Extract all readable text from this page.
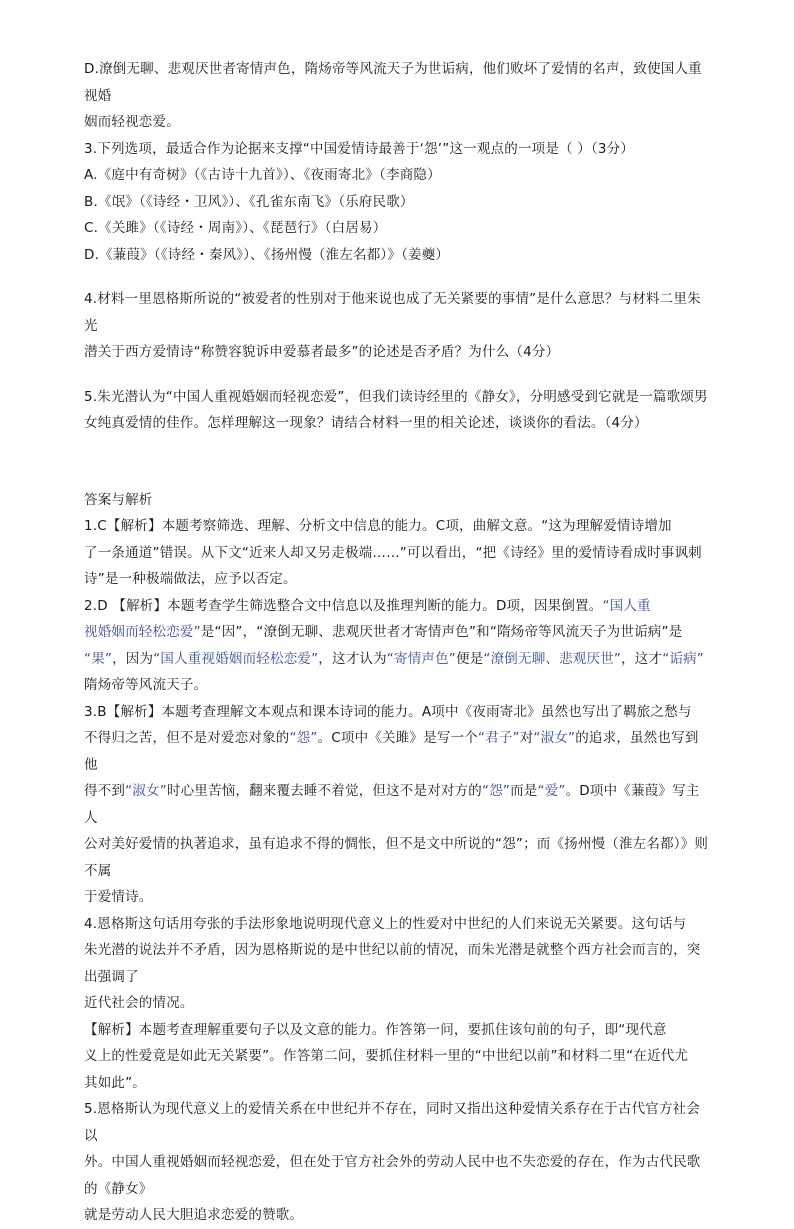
D.潦倒无聊、悲观厌世者寄情声色，隋炀帝等风流天子为世诟病，他们败坏了爱情的名声，致使国人重视婚

姻而轻视恋爱。

3.下列选项，最适合作为论据来支撑“中国爱情诗最善于‘怨’”这一观点的一项是（ ）（3分）

A.《庭中有奇树》（《古诗十九首》）、《夜雨寄北》（李商隐）

B.《氓》（《诗经・卫风》）、《孔雀东南飞》（乐府民歌）

C.《关雎》（《诗经・周南》）、《琵琶行》（白居易）

D.《蒹葭》（《诗经・秦风》）、《扬州慢（淮左名都）》（姜夔）

4.材料一里恩格斯所说的“被爱者的性别对于他来说也成了无关紧要的事情”是什么意思？与材料二里朱光

潜关于西方爱情诗“称赞容貌诉申爱慕者最多”的论述是否矛盾？为什么（4分）

5.朱光潜认为“中国人重视婚姻而轻视恋爱”，但我们读诗经里的《静女》，分明感受到它就是一篇歌颂男

女纯真爱情的佳作。怎样理解这一现象？请结合材料一里的相关论述，谈谈你的看法。（4分）

答案与解析

1.C【解析】本题考察筛选、理解、分析文中信息的能力。C项，曲解文意。“这为理解爱情诗增加

了一条通道”错误。从下文“近来人却又另走极端……”可以看出，“把《诗经》里的爱情诗看成时事讽刺

诗”是一种极端做法，应予以否定。

2.D 【解析】本题考查学生筛选整合文中信息以及推理判断的能力。D项，因果倒置。“国人重

视婚姻而轻松恋爱”是“因”，“潦倒无聊、悲观厌世者才寄情声色”和“隋炀帝等风流天子为世诟病”是

“果”，因为“国人重视婚姻而轻松恋爱”，这才认为“寄情声色”便是“潦倒无聊、悲观厌世”，这才“诟病”

隋炀帝等风流天子。

3.B【解析】本题考查理解文本观点和课本诗词的能力。A项中《夜雨寄北》虽然也写出了羁旅之愁与

不得归之苦，但不是对爱恋对象的“怨”。C项中《关雎》是写一个“君子”对“淑女”的追求，虽然也写到他

得不到“淑女”时心里苦恼，翻来覆去睡不着觉，但这不是对对方的“怨”而是“爱”。D项中《蒹葭》写主人

公对美好爱情的执著追求，虽有追求不得的惆怅，但不是文中所说的“怨”；而《扬州慢（淮左名都）》则不属

于爱情诗。

4.恩格斯这句话用夸张的手法形象地说明现代意义上的性爱对中世纪的人们来说无关紧要。这句话与

朱光潜的说法并不矛盾，因为恩格斯说的是中世纪以前的情况，而朱光潜是就整个西方社会而言的，突出强调了

近代社会的情况。

【解析】本题考查理解重要句子以及文意的能力。作答第一问，要抓住该句前的句子，即“现代意

义上的性爱竟是如此无关紧要”。作答第二问，要抓住材料一里的“中世纪以前”和材料二里“在近代尤

其如此”。

5.恩格斯认为现代意义上的爱情关系在中世纪并不存在，同时又指出这种爱情关系存在于古代官方社会以

外。中国人重视婚姻而轻视恋爱，但在处于官方社会外的劳动人民中也不失恋爱的存在，作为古代民歌的《静女》

就是劳动人民大胆追求恋爱的赞歌。
